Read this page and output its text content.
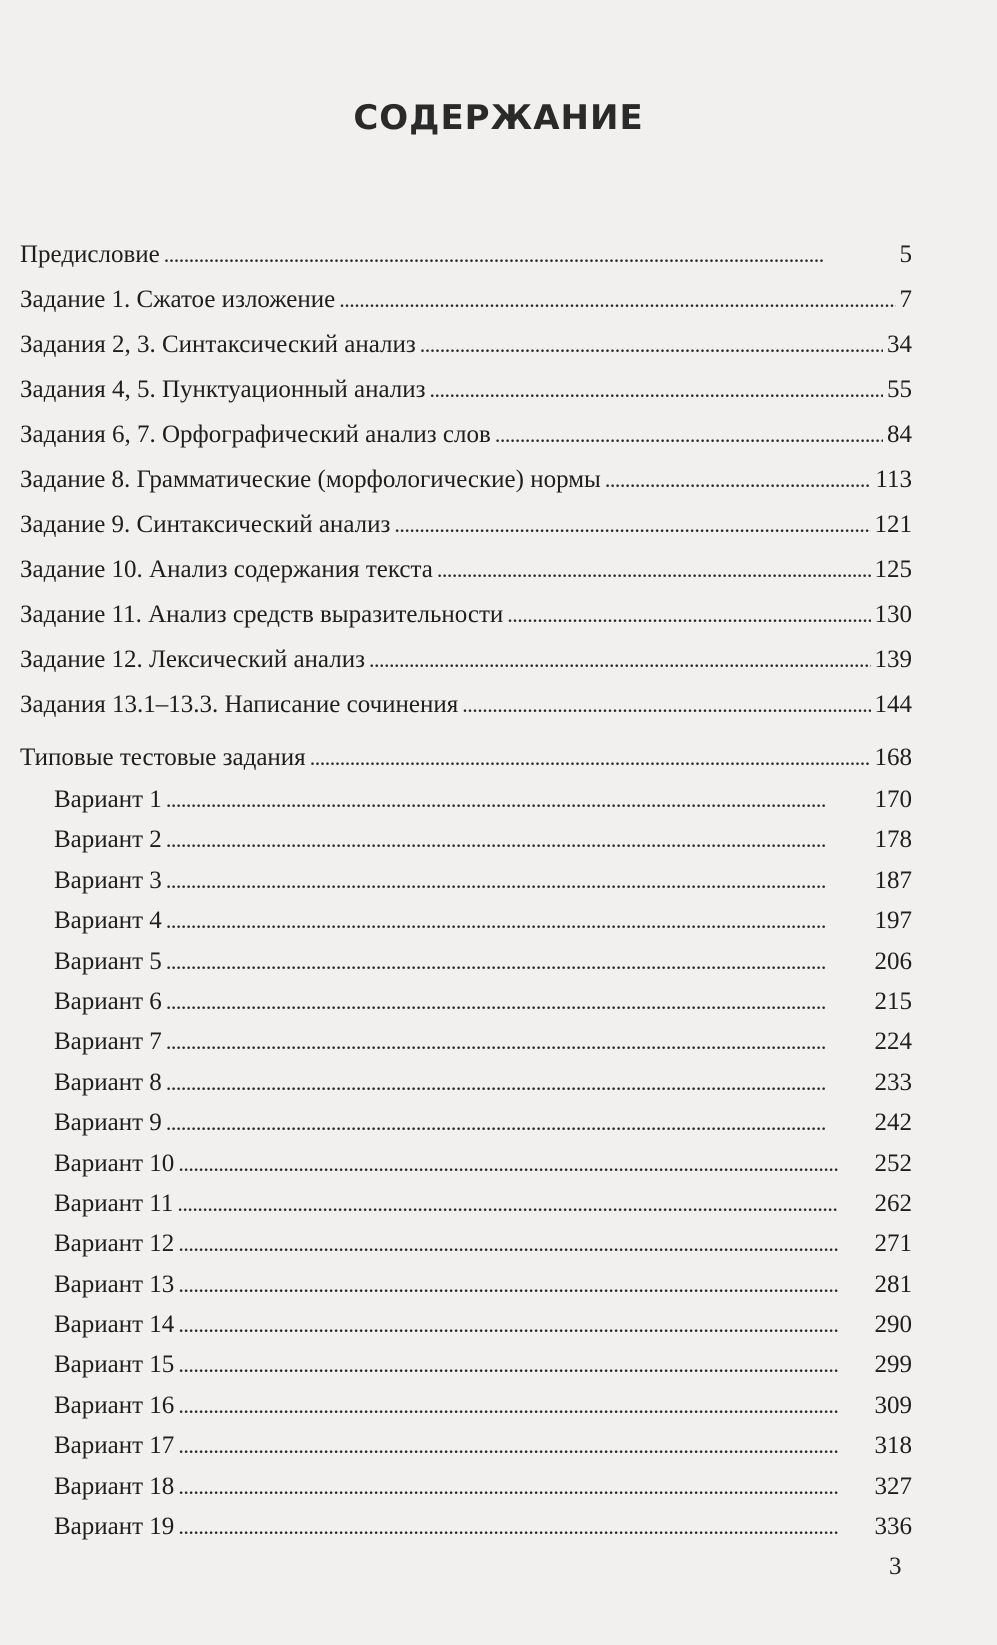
СОДЕРЖАНИЕ
Предисловие . . .	5
Задание 1. Сжатое изложение . . .	7
Задания 2, 3. Синтаксический анализ . . .	34
Задания 4, 5. Пунктуационный анализ . . .	55
Задания 6, 7. Орфографический анализ слов . . .	84
Задание 8. Грамматические (морфологические) нормы . . .	113
Задание 9. Синтаксический анализ . . .	121
Задание 10. Анализ содержания текста . . .	125
Задание 11. Анализ средств выразительности . . .	130
Задание 12. Лексический анализ . . .	139
Задания 13.1–13.3. Написание сочинения . . .	144
Типовые тестовые задания . . .	168
Вариант 1 . . .	170
Вариант 2 . . .	178
Вариант 3 . . .	187
Вариант 4 . . .	197
Вариант 5 . . .	206
Вариант 6 . . .	215
Вариант 7 . . .	224
Вариант 8 . . .	233
Вариант 9 . . .	242
Вариант 10 . . .	252
Вариант 11 . . .	262
Вариант 12 . . .	271
Вариант 13 . . .	281
Вариант 14 . . .	290
Вариант 15 . . .	299
Вариант 16 . . .	309
Вариант 17 . . .	318
Вариант 18 . . .	327
Вариант 19 . . .	336
3
